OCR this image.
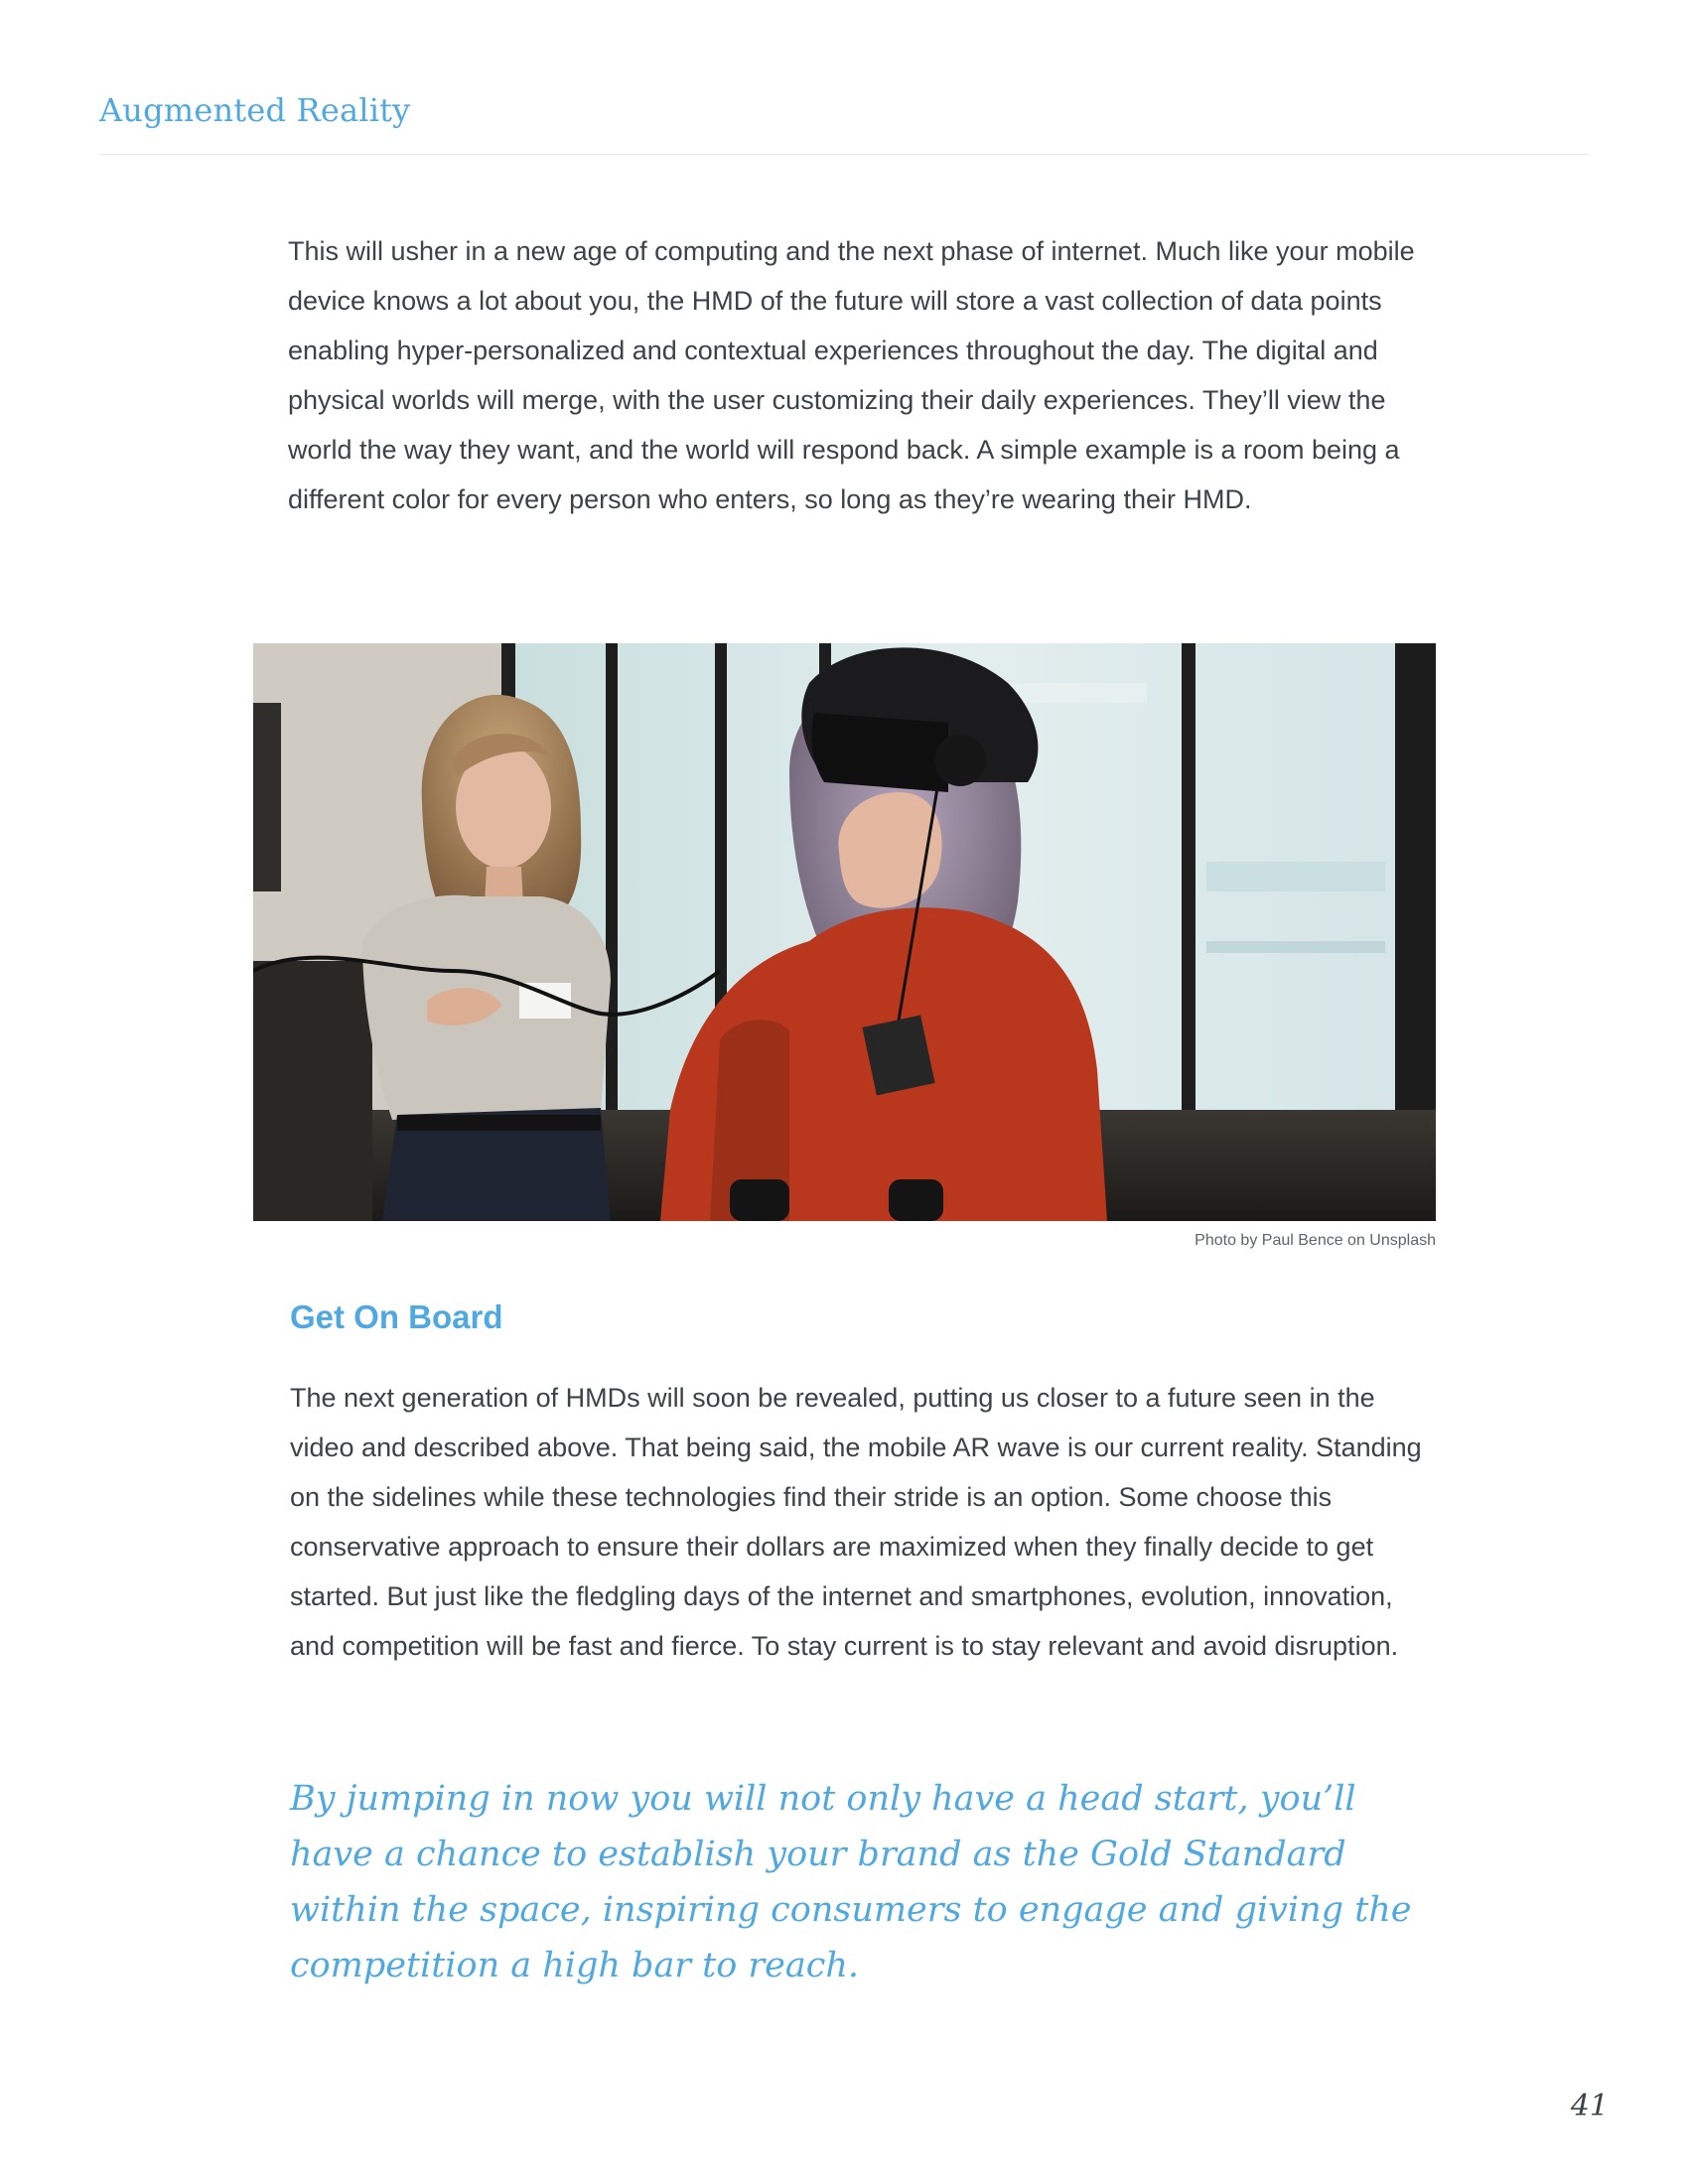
Augmented Reality

This will usher in a new age of computing and the next phase of internet. Much like your mobile device knows a lot about you, the HMD of the future will store a vast collection of data points enabling hyper-personalized and contextual experiences throughout the day. The digital and physical worlds will merge, with the user customizing their daily experiences. They’ll view the world the way they want, and the world will respond back. A simple example is a room being a different color for every person who enters, so long as they’re wearing their HMD.

Photo by Paul Bence on Unsplash
Get On Board

The next generation of HMDs will soon be revealed, putting us closer to a future seen in the video and described above. That being said, the mobile AR wave is our current reality. Standing on the sidelines while these technologies find their stride is an option. Some choose this conservative approach to ensure their dollars are maximized when they finally decide to get started. But just like the fledgling days of the internet and smartphones, evolution, innovation, and competition will be fast and fierce. To stay current is to stay relevant and avoid disruption.

By jumping in now you will not only have a head start, you’ll have a chance to establish your brand as the Gold Standard within the space, inspiring consumers to engage and giving the competition a high bar to reach.

41
